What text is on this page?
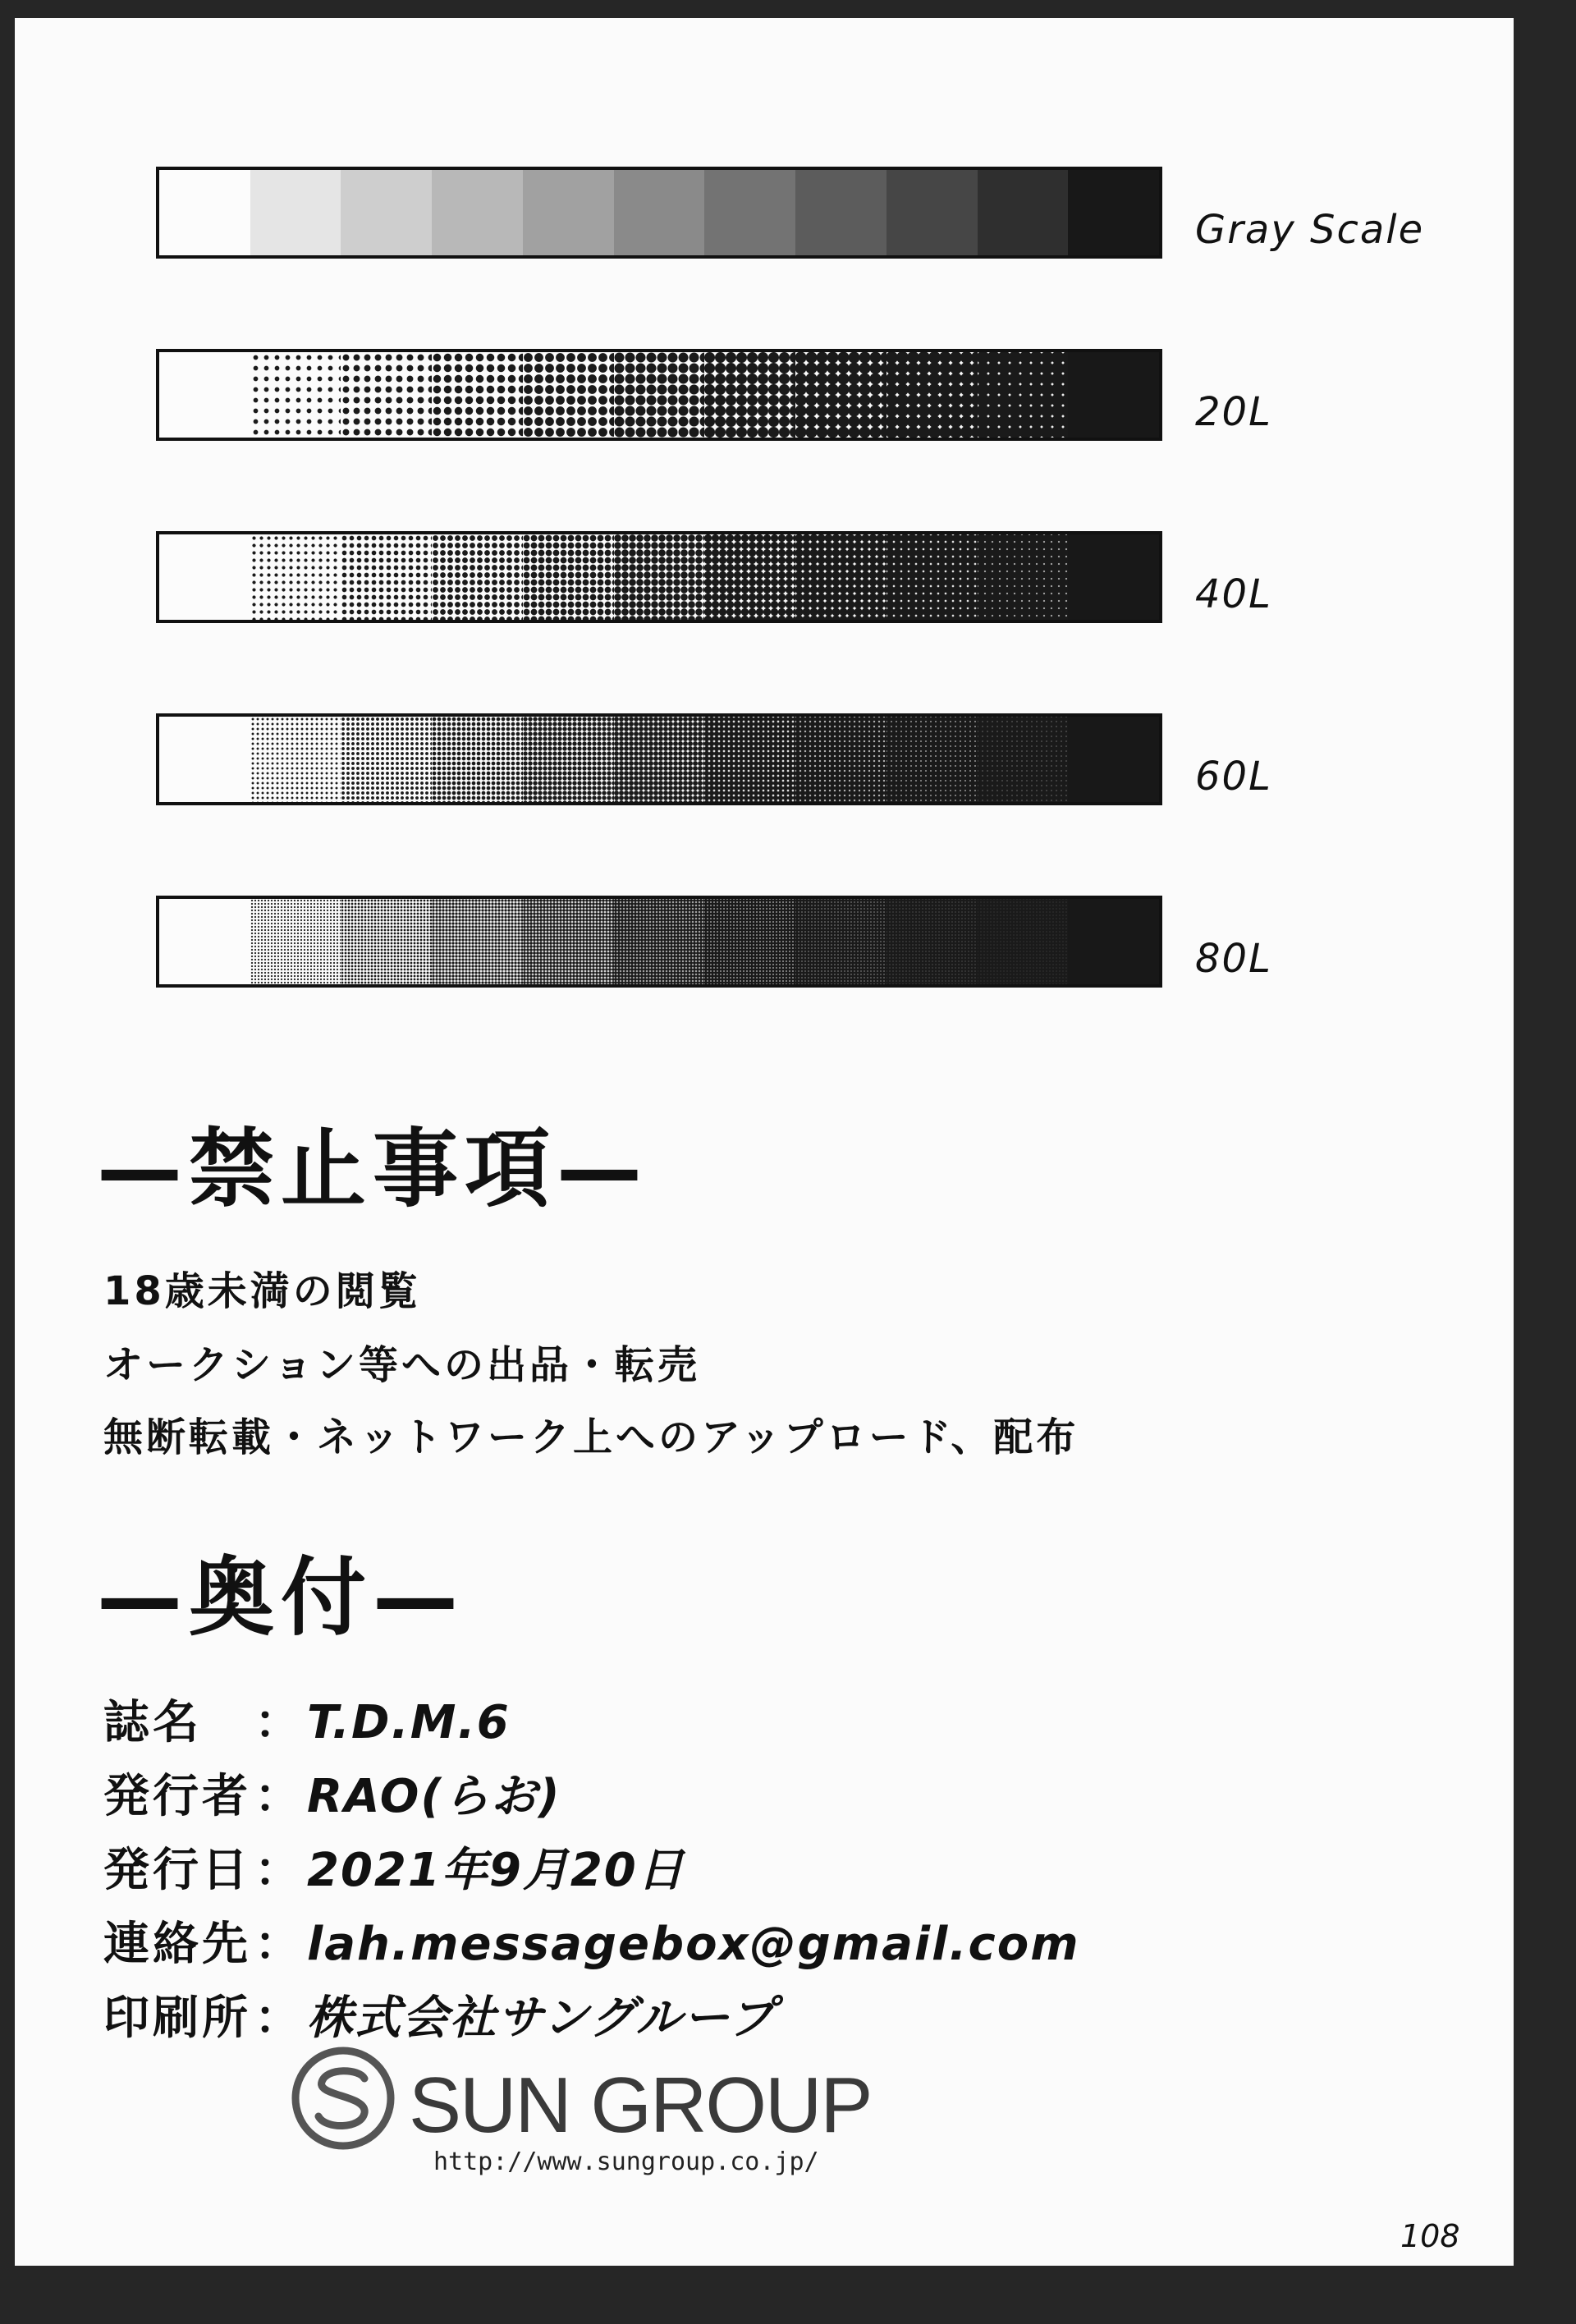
Gray Scale
20L
40L
60L
80L
—禁止事項—
18歳未満の閲覧
オークション等への出品・転売
無断転載・ネットワーク上へのアップロード、配布
—奥付—
誌名 ： T.D.M.6
発行者： RAO(らお)
発行日： 2021年9月20日
連絡先： lah.messagebox@gmail.com
印刷所： 株式会社サングループ
SUN GROUP
http://www.sungroup.co.jp/
108
